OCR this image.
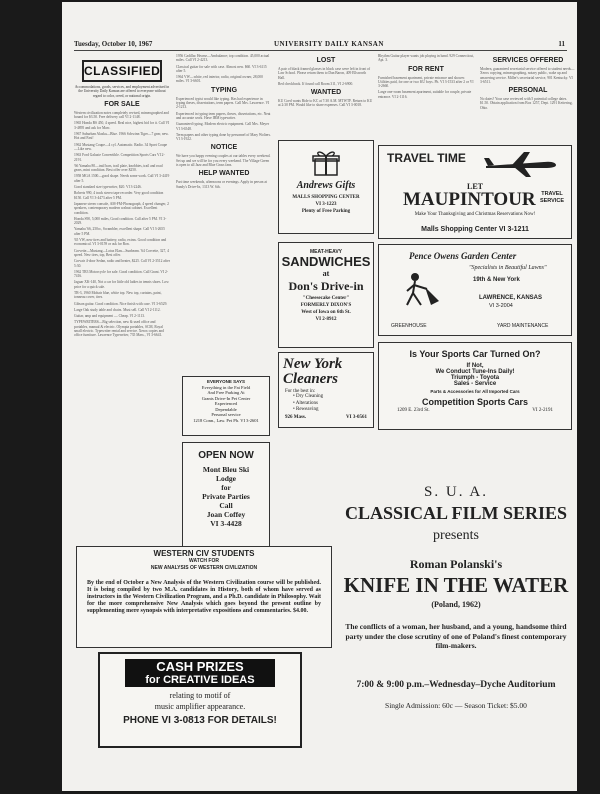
Tuesday, October 10, 1967	UNIVERSITY DAILY KANSAN	11
CLASSIFIED

Accommodations, goods, services, and employment advertised in the University Daily Kansan are offered to everyone without regard to color, creed, or national origin.

FOR SALE

Western civilization notes completely revised, mimeographed and bound for $3.50. Free delivery call VI 2-1148.

1965 Honda BS 450, 4 speed. Real nice, highest bid for it. Call VI 3-4895 and ask for Marc.

1967 Suburban Alaska—Blue. 1966 Schwinn Tiger—7 gear, new. Hot and Fast!

1962 Mustang Coupe—4 cyl. Automatic. Radio. 34 Sport Coupe—Like new.

1963 Ford Galaxie Convertible. Competition Sports Cars VI 2-2191.

'66 Yamaha 80—trail bars, trail plate, knobbies, trail and road gears, mint condition. Best offer over $250.

1958 MGA 1500—good shape. Needs some work. Call VI 3-4419 after 5.

Good standard size typewriter, $20. VI 3-2246.

Roberts 990, 4 track stereo tape recorder. Very good condition $150. Call VI 3-4473 after 5 PM.

Japanese stereo console, AM-FM-Phonograph, 4 speed changer, 2 speakers, contemporary modern walnut cabinet. Excellent condition.

Honda S90, 5,000 miles, Good condition. Call after 5 PM. VI 3-2029.

Yamaha '66, 250cc, Scrambler, excellent shape. Call VI 3-2655 after 5 PM.

'65 VW, new tires and battery, radio, extras. Good condition and economical. VI 3-0159 or ask for Ron.

Corvette—Mustang—Lotus Elan—Sunbeam. '64 Corvette, 327, 4 speed. New tires, top, Best offer.

Corvair 4-door Sedan, radio and heater, $225. Call VI 2-3512 after 5:30.

1962 TR3 Motorcycle for sale. Good condition. Call Grant. VI 2-7416.

Jaguar XK-140, Not a car for little old ladies in tennis shoes. Low price for a quick sale.

TR-3, 1960 Mohair blue, white top. New top, curtains, paint, tonneau cover, tires.

Gibson guitar. Good condition. Nice finish with case. VI 3-6529.

Large Oak study table and chairs. Must sell. Call VI 2-1112.

Guitar, amp and equipment — Cheap. VI 2-1113.

TYPEWRITERS—Big selection, new & used office and portables, manual & electric. Olympia portables, SCM, Royal small electric. Typewriter rental and service. Xerox copies and office furniture. Lawrence Typewriter, 735 Mass., VI 3-6641.

1956 Cadillac Hearse—Ambulance; top condition. 45,000 actual miles. Call VI 2-4213.

Classical guitar for sale with case. Almost new. $60. VI 3-6115 after 5.

1964 VW—white, red interior, radio, original owner, 28,000 miles. VI 3-6601.

TYPING

Experienced typist would like typing. Has had experience in typing theses, dissertations, term papers. Call Mrs. Lawrence. VI 2-1213.

Experienced in typing term papers, theses, dissertations, etc. Neat and accurate work. Have IBM typewriter.

Guaranteed typing. Modern electric equipment. Call Mrs. Meyer VI 3-6548.

Term papers and other typing done by personnel of Mary Wolters. VI 3-1922.

NOTICE

We have you happy evening couples at our tables every weekend. Set up and we will be for you every weekend. The Village Green is open to all Jazz and Blue Grass fans.

HELP WANTED

Part time weekends, afternoons or evenings. Apply in person at Sandy's Drive-In, 1313 W. 6th.

EVERYONE SAYS
Everything in the Fat Field
And Free Parking At
Grants Drive-In Pet Center
Experienced
Dependable
Personal service
1218 Conn., Law. Pet Ph. VI 3-2601
OPEN NOW
Mont Bleu Ski
Lodge
for
Private Parties
Call
Joan Coffey
VI 3-4428
LOST

A pair of black framed glasses in black case were left in front of Law School. Please return them to Dan Baron, 409 Ellsworth Hall.

Red checkbook. If found call Room 311, VI 2-6900.

WANTED

KU Coed wants Ride to KC at 7:30 A.M. MTWTF. Return to KU at 2:30 PM. Would like to share expenses. Call VI 3-0018.

Andrews Gifts
MALLS SHOPPING CENTER
VI 3-1223
Plenty of Free Parking
MEAT-HEAVY
SANDWICHES
at
Don's Drive-in
"Cheesecake Center"
FORMERLY DIXON'S
West of Iowa on 6th St.
VI 2-8912
New York Cleaners
For the best in:
• Dry Cleaning
• Alterations
• Reweaving
926 Mass.	VI 3-0561

Rhythm Guitar player wants job playing in band. 929 Connecticut, Apt. 3.

FOR RENT

Furnished basement apartment, private entrance and shower. Utilities paid, for one or two KU boys. Ph. VI 3-1533 after 2 or VI 3-2660.

Large one-room basement apartment, suitable for couple, private entrance. VI 2-1116.

SERVICES OFFERED

Modern, guaranteed secretarial service offered to student needs—Xerox copying, mimeographing, notary public, wake up and answering service. Miller's secretarial service, 901 Kentucky. VI 3-6511.

PERSONAL

No dates? Your case reviewed with 5 potential college dates. $1.50. Obtain application from Box 1257, Dept. 1291 Kettering, Ohio.

TRAVEL TIME
LET
MAUPINTOUR	TRAVEL SERVICE
Make Your Thanksgiving and Christmas Reservations Now!
Malls Shopping Center VI 3-1211
Pence Owens Garden Center
"Specialists in Beautiful Lawns"
19th & New York
LAWRENCE, KANSAS
VI 3-2004
GREENHOUSE	YARD MAINTENANCE
Is Your Sports Car Turned On?
If Not,
We Conduct Tune-Ins Daily!
Triumph - Toyota
Sales - Service
Parts & Accessories for All Imported Cars
Competition Sports Cars
1209 E. 23rd St.	VI 2-2191
WESTERN CIV STUDENTS
WATCH FOR
NEW ANALYSIS OF WESTERN CIVILIZATION

By the end of October a New Analysis of the Western Civilization course will be published. It is being compiled by two M.A. candidates in History, both of whom have served as instructors in the Western Civilization Program, and a Ph.D. candidate in Philosophy. Wait for the more comprehensive New Analysis which goes beyond the present outline by supplementing mere synopsis with interpretative expositions and commentaries. $4.00.

CASH PRIZES
for CREATIVE IDEAS
relating to motif of
music amplifier appearance.
PHONE VI 3-0813 FOR DETAILS!
S. U. A.
CLASSICAL FILM SERIES
presents
Roman Polanski's
KNIFE IN THE WATER
(Poland, 1962)

The conflicts of a woman, her husband, and a young, handsome third party under the close scrutiny of one of Poland's finest contemporary film-makers.

7:00 & 9:00 p.m.–Wednesday–Dyche Auditorium
Single Admission: 60c — Season Ticket: $5.00
